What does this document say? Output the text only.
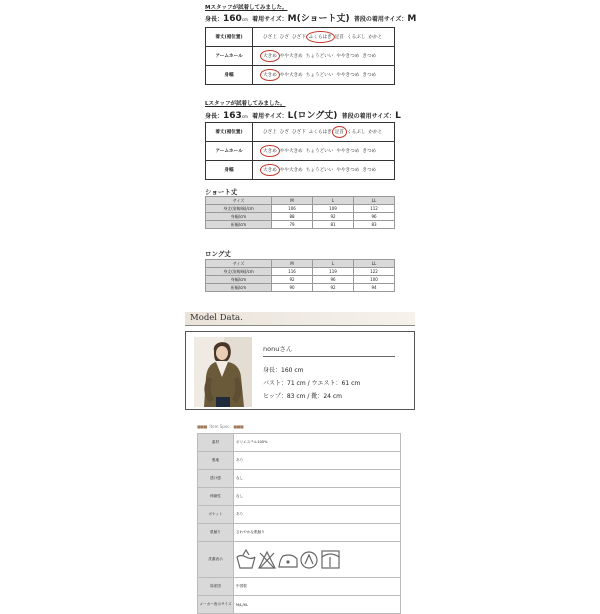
Mスタッフが試着してみました。
身長：160cm 着用サイズ：M(ショート丈) 普段の着用サイズ：M
着丈(裾位置)	ひざ上 ひざ ひざ下 ふくらはぎ 足首 くるぶし かかと
アームホール	大きめ やや大きめ ちょうどいい ややきつめ きつめ
身幅	大きめ やや大きめ ちょうどいい ややきつめ きつめ
Lスタッフが試着してみました。
身長：163cm 着用サイズ：L(ロング丈) 普段の着用サイズ：L
着丈(裾位置)	ひざ上 ひざ ひざ下 ふくらはぎ 足首 くるぶし かかと
アームホール	大きめ やや大きめ ちょうどいい ややきつめ きつめ
身幅	大きめ やや大きめ ちょうどいい ややきつめ きつめ
ショート丈
サイズ	M	L	LL
身丈(肩線端)/cm	106	109	112
身幅/cm	88	92	96
裄幅/cm	79	81	83
ロング丈
サイズ	M	L	LL
身丈(肩線端)/cm	116	119	122
身幅/cm	92	96	100
裄幅/cm	90	92	94
Model Data.
nonuさん
身長：160 cm
バスト：71 cm / ウエスト：61 cm
ヒップ：83 cm / 靴：24 cm
■■■ Item Spec. ■■■
素材	ポリエステル100%
裏地	あり
透け感	なし
伸縮性	なし
ポケット	あり
肌触り	さわやかな肌触り
洗濯表示	
原産国	中国製
メーカー表示サイズ	M/L/XL
